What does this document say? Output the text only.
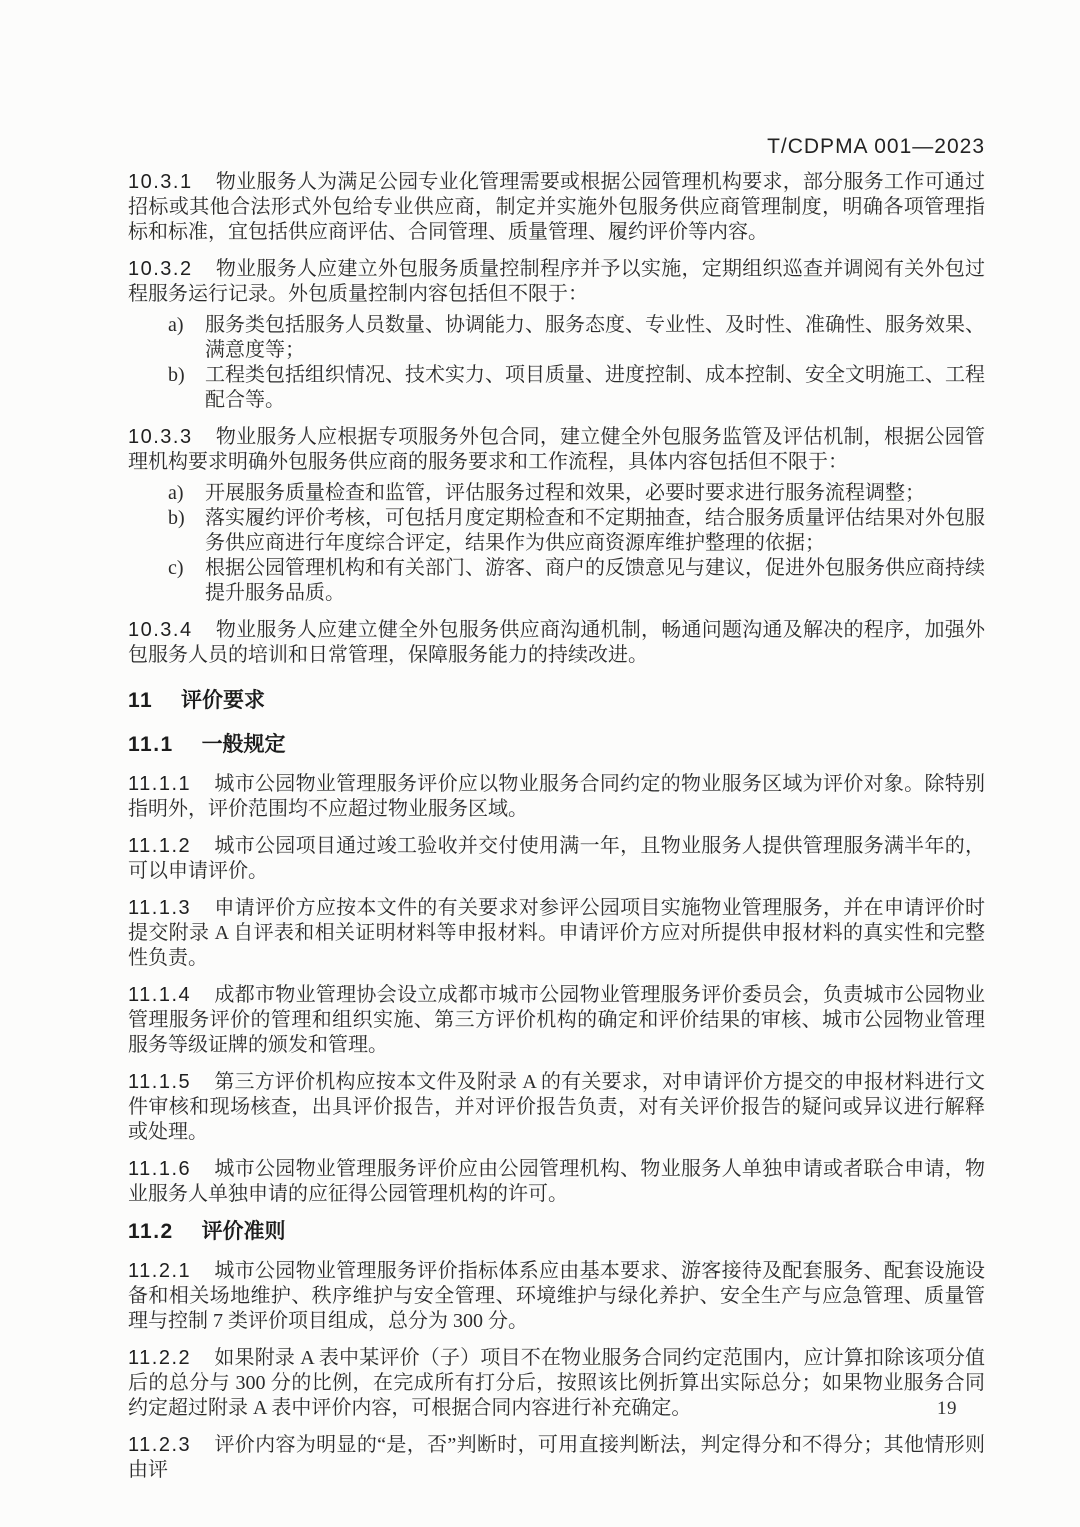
T/CDPMA 001—2023

10.3.1 物业服务人为满足公园专业化管理需要或根据公园管理机构要求，部分服务工作可通过招标或其他合法形式外包给专业供应商，制定并实施外包服务供应商管理制度，明确各项管理指标和标准，宜包括供应商评估、合同管理、质量管理、履约评价等内容。

10.3.2 物业服务人应建立外包服务质量控制程序并予以实施，定期组织巡查并调阅有关外包过程服务运行记录。外包质量控制内容包括但不限于：

a)	服务类包括服务人员数量、协调能力、服务态度、专业性、及时性、准确性、服务效果、满意度等；
b)	工程类包括组织情况、技术实力、项目质量、进度控制、成本控制、安全文明施工、工程配合等。

10.3.3 物业服务人应根据专项服务外包合同，建立健全外包服务监管及评估机制，根据公园管理机构要求明确外包服务供应商的服务要求和工作流程，具体内容包括但不限于：

a)	开展服务质量检查和监管，评估服务过程和效果，必要时要求进行服务流程调整；
b)	落实履约评价考核，可包括月度定期检查和不定期抽查，结合服务质量评估结果对外包服务供应商进行年度综合评定，结果作为供应商资源库维护整理的依据；
c)	根据公园管理机构和有关部门、游客、商户的反馈意见与建议，促进外包服务供应商持续提升服务品质。

10.3.4 物业服务人应建立健全外包服务供应商沟通机制，畅通问题沟通及解决的程序，加强外包服务人员的培训和日常管理，保障服务能力的持续改进。

11 评价要求
11.1 一般规定

11.1.1 城市公园物业管理服务评价应以物业服务合同约定的物业服务区域为评价对象。除特别指明外，评价范围均不应超过物业服务区域。

11.1.2 城市公园项目通过竣工验收并交付使用满一年，且物业服务人提供管理服务满半年的，可以申请评价。

11.1.3 申请评价方应按本文件的有关要求对参评公园项目实施物业管理服务，并在申请评价时提交附录 A 自评表和相关证明材料等申报材料。申请评价方应对所提供申报材料的真实性和完整性负责。

11.1.4 成都市物业管理协会设立成都市城市公园物业管理服务评价委员会，负责城市公园物业管理服务评价的管理和组织实施、第三方评价机构的确定和评价结果的审核、城市公园物业管理服务等级证牌的颁发和管理。

11.1.5 第三方评价机构应按本文件及附录 A 的有关要求，对申请评价方提交的申报材料进行文件审核和现场核查，出具评价报告，并对评价报告负责，对有关评价报告的疑问或异议进行解释或处理。

11.1.6 城市公园物业管理服务评价应由公园管理机构、物业服务人单独申请或者联合申请，物业服务人单独申请的应征得公园管理机构的许可。

11.2 评价准则

11.2.1 城市公园物业管理服务评价指标体系应由基本要求、游客接待及配套服务、配套设施设备和相关场地维护、秩序维护与安全管理、环境维护与绿化养护、安全生产与应急管理、质量管理与控制 7 类评价项目组成，总分为 300 分。

11.2.2 如果附录 A 表中某评价（子）项目不在物业服务合同约定范围内，应计算扣除该项分值后的总分与 300 分的比例，在完成所有打分后，按照该比例折算出实际总分；如果物业服务合同约定超过附录 A 表中评价内容，可根据合同内容进行补充确定。

11.2.3 评价内容为明显的“是，否”判断时，可用直接判断法，判定得分和不得分；其他情形则由评

19
